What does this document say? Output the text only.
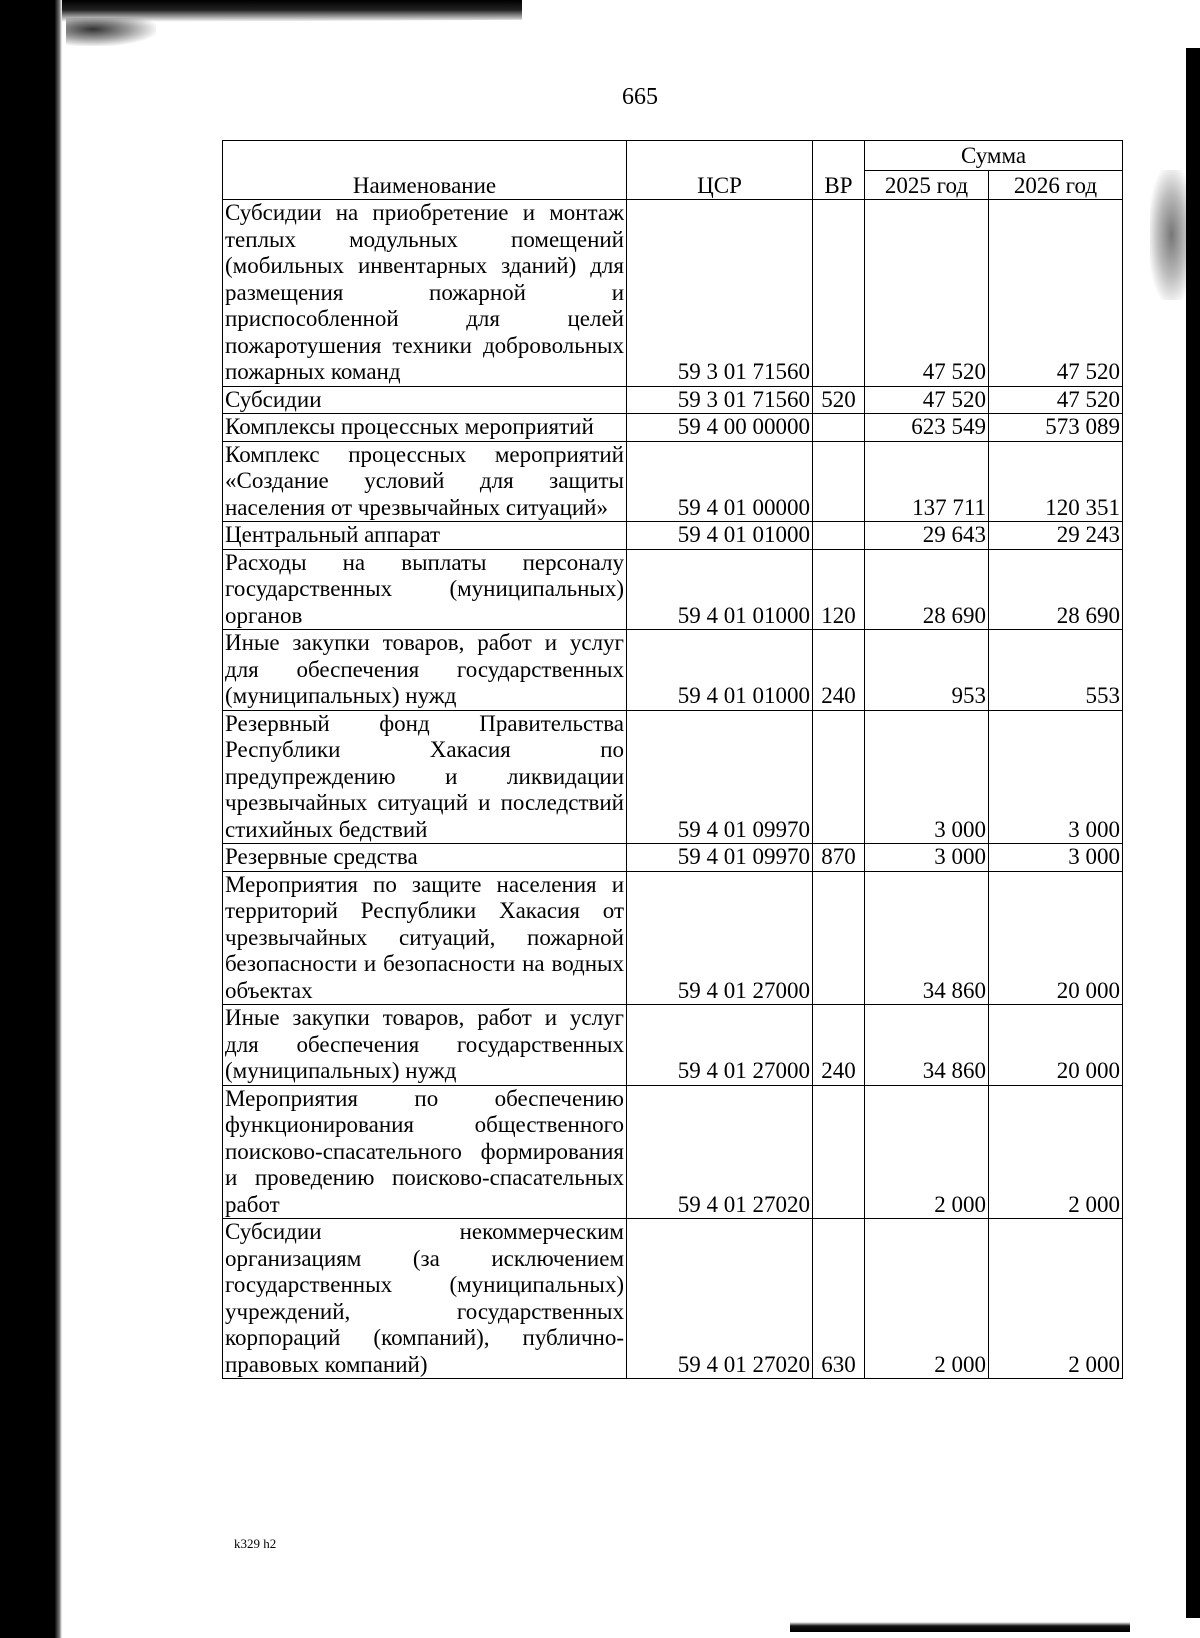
665
Наименование	ЦСР	ВР	Сумма	
			2025 год	2026 год
Субсидии на приобретение и монтаж теплых модульных помещений (мобильных инвентарных зданий) для размещения пожарной и приспособленной для целей пожаротушения техники добровольных пожарных команд	59 3 01 71560		47 520	47 520
Субсидии	59 3 01 71560	520	47 520	47 520
Комплексы процессных мероприятий	59 4 00 00000		623 549	573 089
Комплекс процессных мероприятий «Создание условий для защиты населения от чрезвычайных ситуаций»	59 4 01 00000		137 711	120 351
Центральный аппарат	59 4 01 01000		29 643	29 243
Расходы на выплаты персоналу государственных (муниципальных) органов	59 4 01 01000	120	28 690	28 690
Иные закупки товаров, работ и услуг для обеспечения государственных (муниципальных) нужд	59 4 01 01000	240	953	553
Резервный фонд Правительства Республики Хакасия по предупреждению и ликвидации чрезвычайных ситуаций и последствий стихийных бедствий	59 4 01 09970		3 000	3 000
Резервные средства	59 4 01 09970	870	3 000	3 000
Мероприятия по защите населения и территорий Республики Хакасия от чрезвычайных ситуаций, пожарной безопасности и безопасности на водных объектах	59 4 01 27000		34 860	20 000
Иные закупки товаров, работ и услуг для обеспечения государственных (муниципальных) нужд	59 4 01 27000	240	34 860	20 000
Мероприятия по обеспечению функционирования общественного поисково-спасательного формирования и проведению поисково-спасательных работ	59 4 01 27020		2 000	2 000
Субсидии некоммерческим организациям (за исключением государственных (муниципальных) учреждений, государственных корпораций (компаний), публично-правовых компаний)	59 4 01 27020	630	2 000	2 000
k329 h2
